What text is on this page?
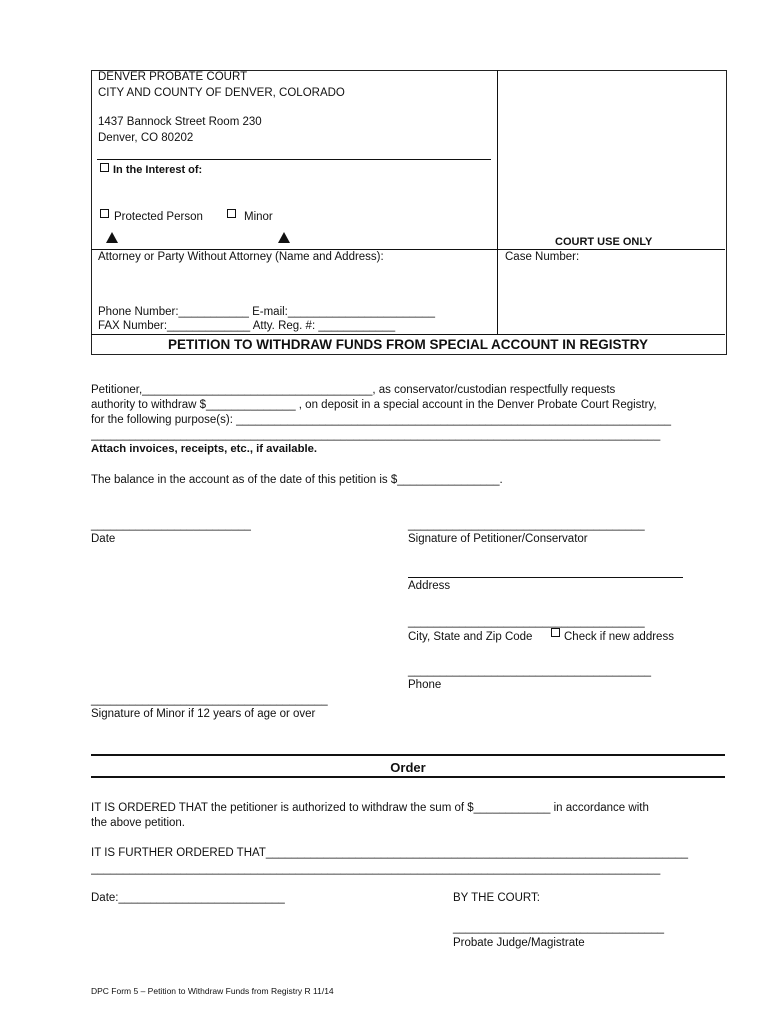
DENVER PROBATE COURT
CITY AND COUNTY OF DENVER, COLORADO
1437 Bannock Street Room 230
Denver, CO 80202
In the Interest of:
Protected Person	Minor
COURT USE ONLY
Attorney or Party Without Attorney (Name and Address):	Case Number:
Phone Number:___________ E-mail:_______________________
FAX Number:_____________ Atty. Reg. #: ____________
PETITION TO WITHDRAW FUNDS FROM SPECIAL ACCOUNT IN REGISTRY
Petitioner,____________________________________, as conservator/custodian respectfully requests
authority to withdraw $______________ , on deposit in a special account in the Denver Probate Court Registry,
for the following purpose(s): ____________________________________________________________________
_________________________________________________________________________________________
Attach invoices, receipts, etc., if available.
The balance in the account as of the date of this petition is $________________.
_________________________
Date
_____________________________________
Signature of Petitioner/Conservator
Address
_____________________________________
City, State and Zip Code	Check if new address
______________________________________
Phone
_____________________________________
Signature of Minor if 12 years of age or over
Order
IT IS ORDERED THAT the petitioner is authorized to withdraw the sum of $____________ in accordance with
the above petition.
IT IS FURTHER ORDERED THAT__________________________________________________________________
_________________________________________________________________________________________
Date:__________________________	BY THE COURT:
_________________________________
Probate Judge/Magistrate
DPC Form 5 – Petition to Withdraw Funds from Registry R 11/14
